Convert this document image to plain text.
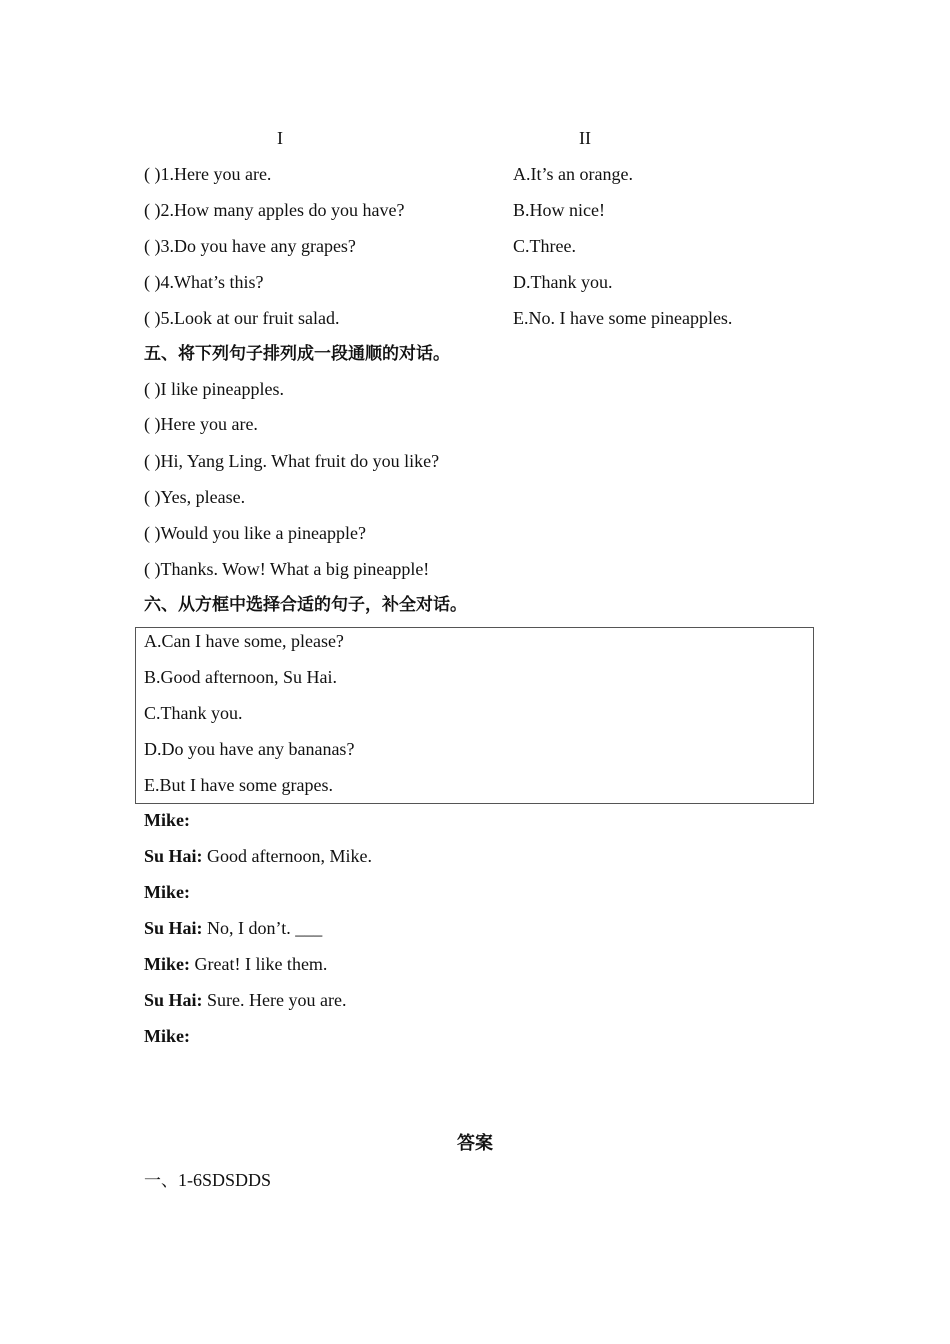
I	II
( )1.Here you are.
( )2.How many apples do you have?
( )3.Do you have any grapes?
( )4.What’s this?
( )5.Look at our fruit salad.
A.It’s an orange.
B.How nice!
C.Three.
D.Thank you.
E.No. I have some pineapples.
五、将下列句子排列成一段通顺的对话。
( )I like pineapples.
( )Here you are.
( )Hi, Yang Ling. What fruit do you like?
( )Yes, please.
( )Would you like a pineapple?
( )Thanks. Wow! What a big pineapple!
六、从方框中选择合适的句子，补全对话。
A.Can I have some, please?
B.Good afternoon, Su Hai.
C.Thank you.
D.Do you have any bananas?
E.But I have some grapes.
Mike:
Su Hai: Good afternoon, Mike.
Mike:
Su Hai: No, I don’t. ___
Mike: Great! I like them.
Su Hai: Sure. Here you are.
Mike:
答案
一、1-6SDSDDS
